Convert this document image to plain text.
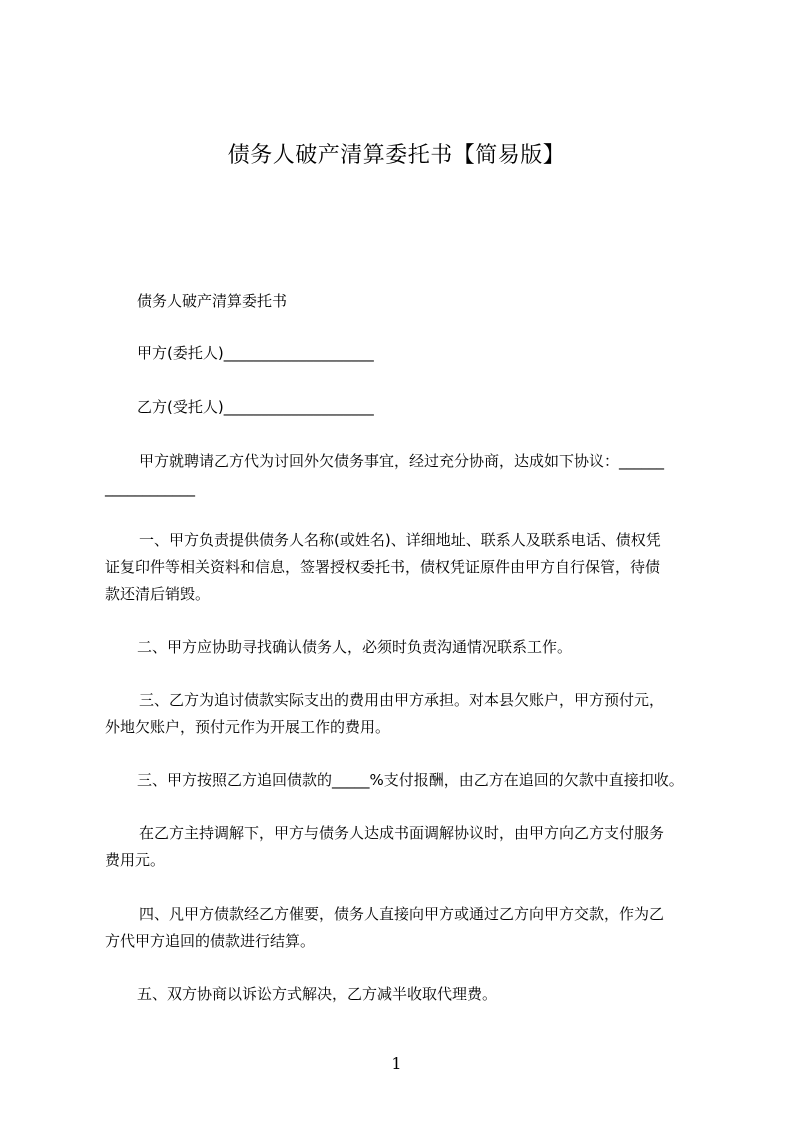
债务人破产清算委托书【简易版】
债务人破产清算委托书
甲方(委托人)____________________
乙方(受托人)____________________
甲方就聘请乙方代为讨回外欠债务事宜，经过充分协商，达成如下协议：______
____________
一、甲方负责提供债务人名称(或姓名)、详细地址、联系人及联系电话、债权凭
证复印件等相关资料和信息，签署授权委托书，债权凭证原件由甲方自行保管，待债
款还清后销毁。
二、甲方应协助寻找确认债务人，必须时负责沟通情况联系工作。
三、乙方为追讨债款实际支出的费用由甲方承担。对本县欠账户，甲方预付元，
外地欠账户，预付元作为开展工作的费用。
三、甲方按照乙方追回债款的_____%支付报酬，由乙方在追回的欠款中直接扣收。
在乙方主持调解下，甲方与债务人达成书面调解协议时，由甲方向乙方支付服务
费用元。
四、凡甲方债款经乙方催要，债务人直接向甲方或通过乙方向甲方交款，作为乙
方代甲方追回的债款进行结算。
五、双方协商以诉讼方式解决，乙方减半收取代理费。
1
